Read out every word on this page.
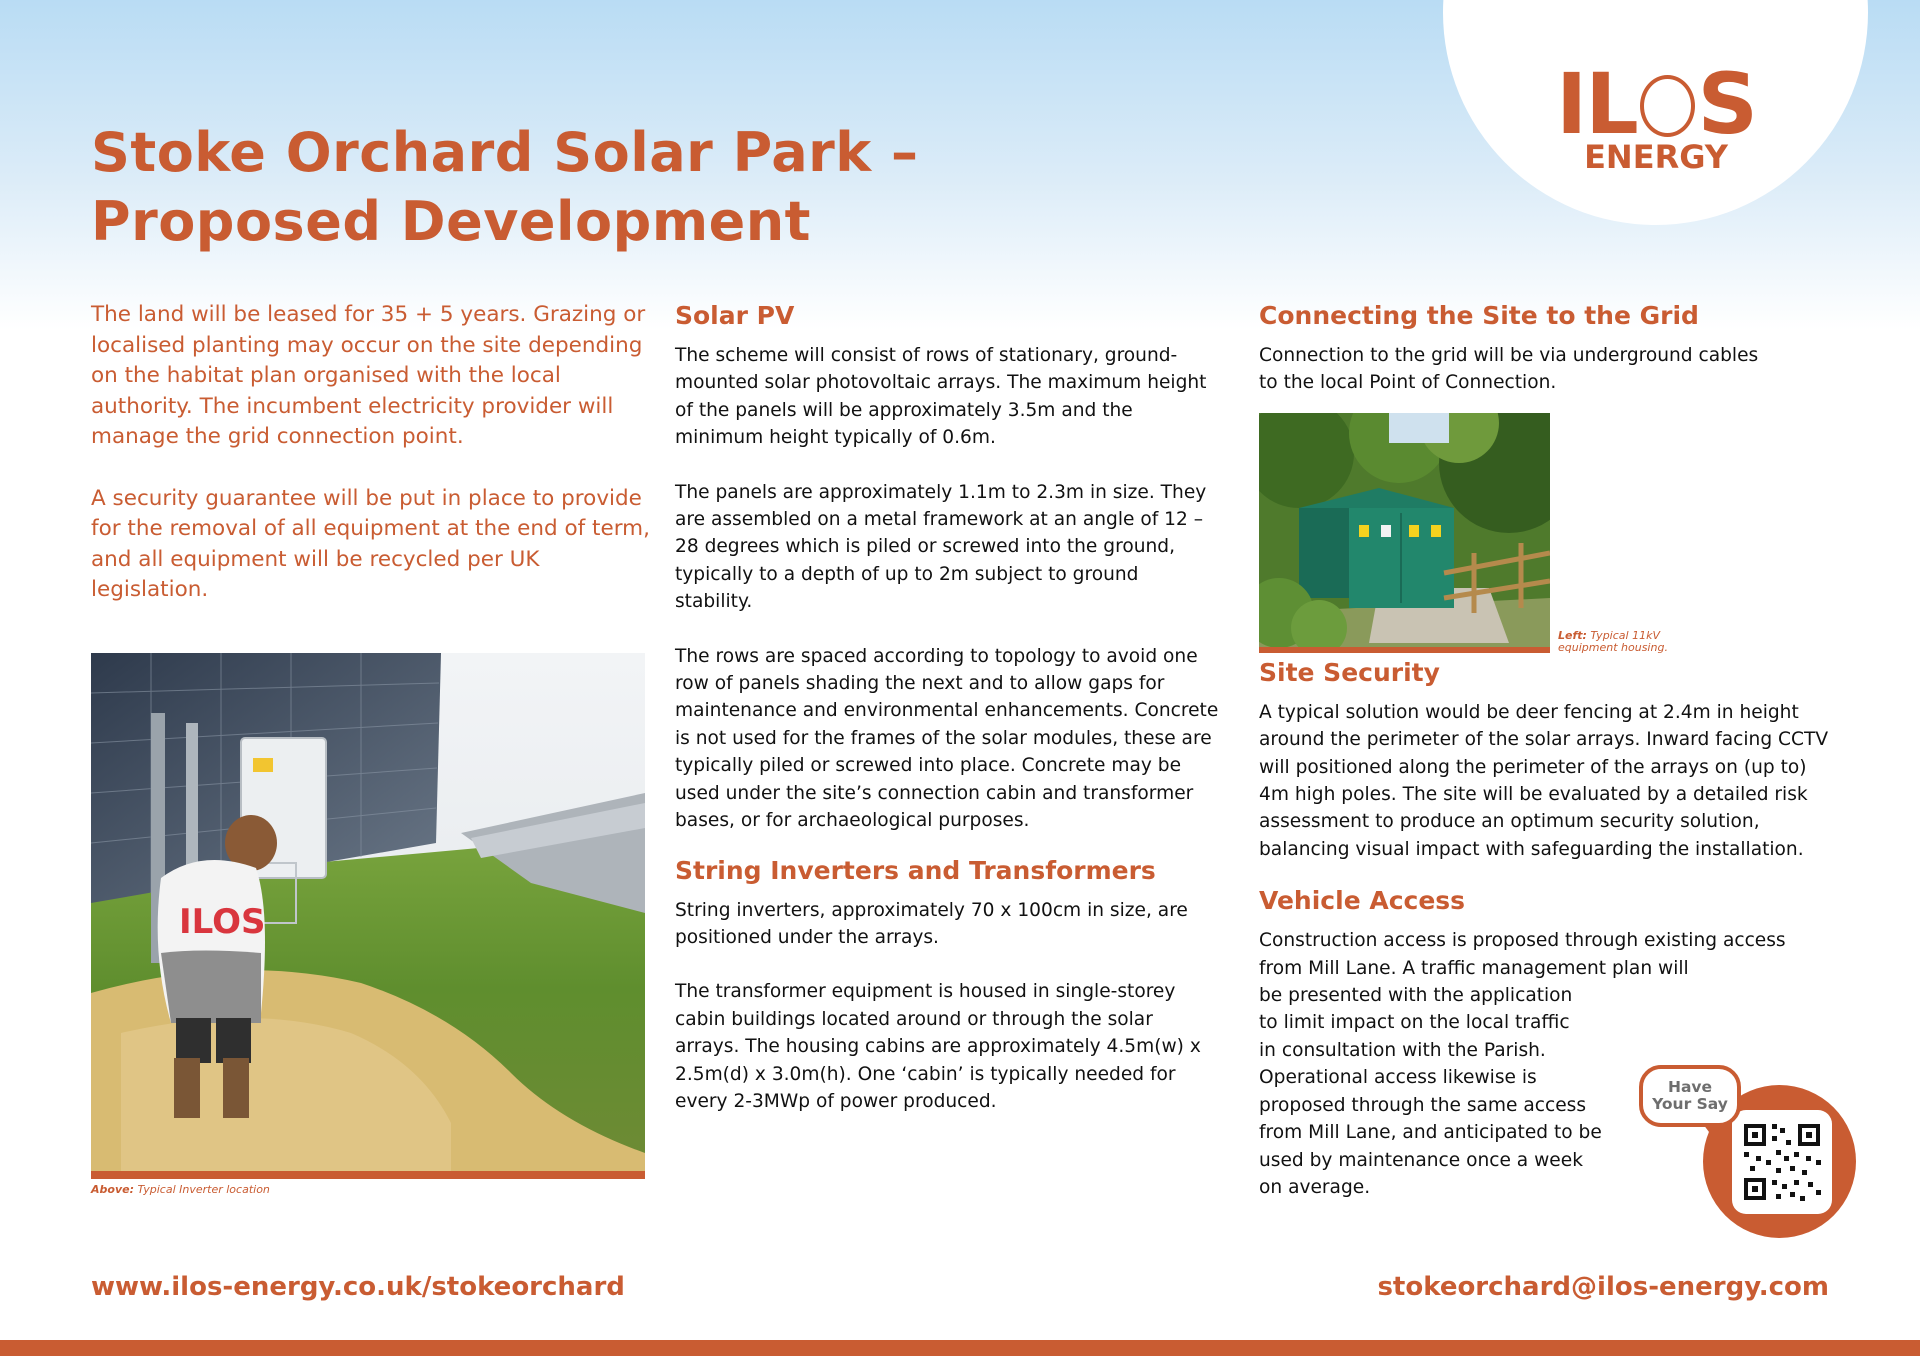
IL S
ENERGY
Stoke Orchard Solar Park –
Proposed Development

The land will be leased for 35 + 5 years. Grazing or localised planting may occur on the site depending on the habitat plan organised with the local authority. The incumbent electricity provider will manage the grid connection point.

A security guarantee will be put in place to provide for the removal of all equipment at the end of term, and all equipment will be recycled per UK legislation.

ILOS
Above: Typical Inverter location
Solar PV

The scheme will consist of rows of stationary, ground-mounted solar photovoltaic arrays. The maximum height of the panels will be approximately 3.5m and the minimum height typically of 0.6m.

The panels are approximately 1.1m to 2.3m in size. They are assembled on a metal framework at an angle of 12 – 28 degrees which is piled or screwed into the ground, typically to a depth of up to 2m subject to ground stability.

The rows are spaced according to topology to avoid one row of panels shading the next and to allow gaps for maintenance and environmental enhancements. Concrete is not used for the frames of the solar modules, these are typically piled or screwed into place. Concrete may be used under the site’s connection cabin and transformer bases, or for archaeological purposes.

String Inverters and Transformers

String inverters, approximately 70 x 100cm in size, are positioned under the arrays.

The transformer equipment is housed in single-storey cabin buildings located around or through the solar arrays. The housing cabins are approximately 4.5m(w) x 2.5m(d) x 3.0m(h). One ‘cabin’ is typically needed for every 2-3MWp of power produced.

Connecting the Site to the Grid

Connection to the grid will be via underground cables to the local Point of Connection.

Site Security

A typical solution would be deer fencing at 2.4m in height around the perimeter of the solar arrays. Inward facing CCTV will positioned along the perimeter of the arrays on (up to) 4m high poles. The site will be evaluated by a detailed risk assessment to produce an optimum security solution, balancing visual impact with safeguarding the installation.

Vehicle Access
Construction access is proposed through existing access
from Mill Lane. A traffic management plan will
be presented with the application
to limit impact on the local traffic
in consultation with the Parish.
Operational access likewise is
proposed through the same access
from Mill Lane, and anticipated to be
used by maintenance once a week
on average.
Left: Typical 11kV equipment housing.
Have
Your Say
www.ilos-energy.co.uk/stokeorchard	stokeorchard@ilos-energy.com
